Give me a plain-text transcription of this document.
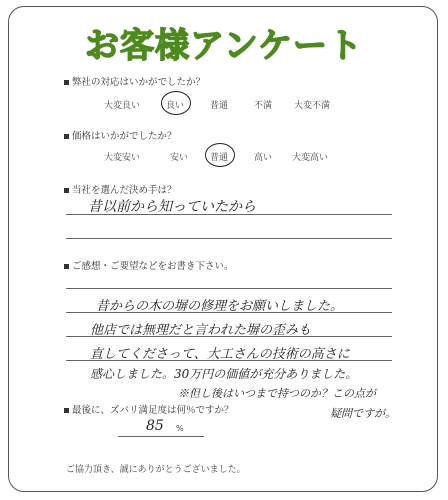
お客様アンケート
弊社の対応はいかがでしたか？
大変良い	良い	普通	不満 大変不満
価格はいかがでしたか？
大変安い	安い 普通	高い 大変高い
当社を選んだ決め手は？
昔以前から知っていたから
ご感想・ご要望などをお書き下さい。
昔からの木の塀の修理をお願いしました。
他店では無理だと言われた塀の歪みも
直してくださって、大工さんの技術の高さに
感心しました。30万円の価値が充分ありました。
※但し後はいつまで持つのか？この点が
疑問ですが。
最後に、ズバリ満足度は何％ですか？
85 %
ご協力頂き、誠にありがとうございました。
